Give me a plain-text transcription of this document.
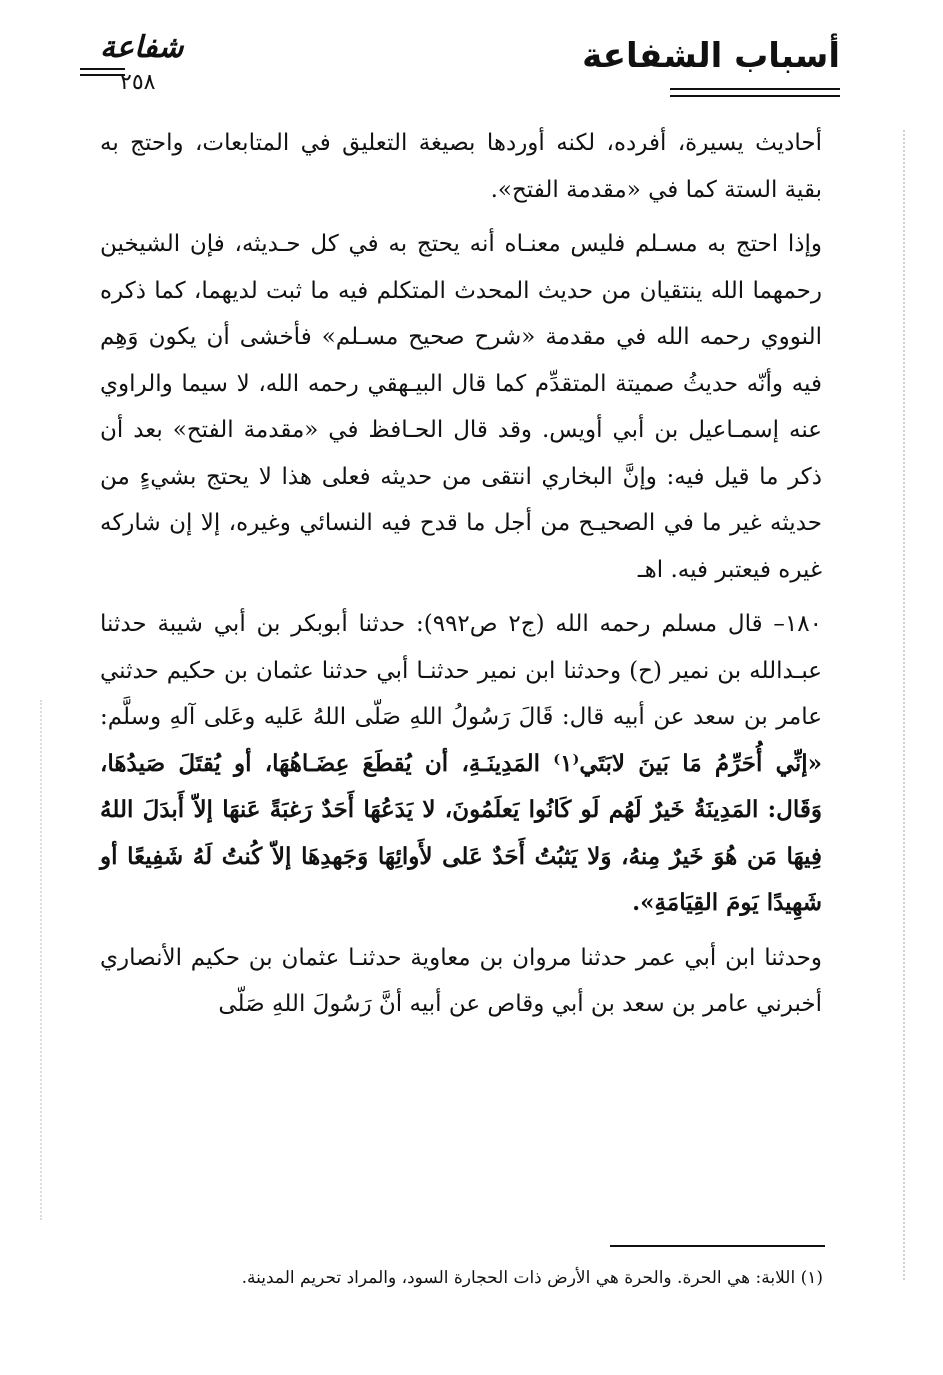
أسباب الشفاعة
شفاعة
٢٥٨

أحاديث يسيرة، أفرده، لكنه أوردها بصيغة التعليق في المتابعات، واحتج به بقية الستة كما في «مقدمة الفتح».

وإذا احتج به مسـلم فليس معنـاه أنه يحتج به في كل حـديثه، فإن الشيخين رحمهما الله ينتقيان من حديث المحدث المتكلم فيه ما ثبت لديهما، كما ذكره النووي رحمه الله في مقدمة «شرح صحيح مسـلم» فأخشى أن يكون وَهِم فيه وأنّه حديثُ صميتة المتقدِّم كما قال البيـهقي رحمه الله، لا سيما والراوي عنه إسمـاعيل بن أبي أويس. وقد قال الحـافظ في «مقدمة الفتح» بعد أن ذكر ما قيل فيه: وإنَّ البخاري انتقى من حديثه فعلى هذا لا يحتج بشيءٍ من حديثه غير ما في الصحيـح من أجل ما قدح فيه النسائي وغيره، إلا إن شاركه غيره فيعتبر فيه. اهـ

١٨٠– قال مسلم رحمه الله (ج٢ ص٩٩٢): حدثنا أبوبكر بن أبي شيبة حدثنا عبـدالله بن نمير (ح) وحدثنا ابن نمير حدثنـا أبي حدثنا عثمان بن حكيم حدثني عامر بن سعد عن أبيه قال: قَالَ رَسُولُ اللهِ صَلّى اللهُ عَليه وعَلى آلهِ وسلَّم: «إنِّي أُحَرِّمُ مَا بَينَ لابَتَي⁽١⁾ المَدِينَـةِ، أن يُقطَعَ عِضَـاهُهَا، أو يُقتَلَ صَيدُهَا، وَقَال: المَدِينَةُ خَيرٌ لَهُم لَو كَانُوا يَعلَمُونَ، لا يَدَعُهَا أَحَدٌ رَغبَةً عَنهَا إلاّ أَبدَلَ اللهُ فِيهَا مَن هُوَ خَيرٌ مِنهُ، وَلا يَثبُتُ أَحَدٌ عَلى لأَوائِهَا وَجَهدِهَا إلاّ كُنتُ لَهُ شَفِيعًا أو شَهِيدًا يَومَ القِيَامَةِ».

وحدثنا ابن أبي عمر حدثنا مروان بن معاوية حدثنـا عثمان بن حكيم الأنصاري أخبرني عامر بن سعد بن أبي وقاص عن أبيه أنَّ رَسُولَ اللهِ صَلّى

(١) اللابة: هي الحرة. والحرة هي الأرض ذات الحجارة السود، والمراد تحريم المدينة.
